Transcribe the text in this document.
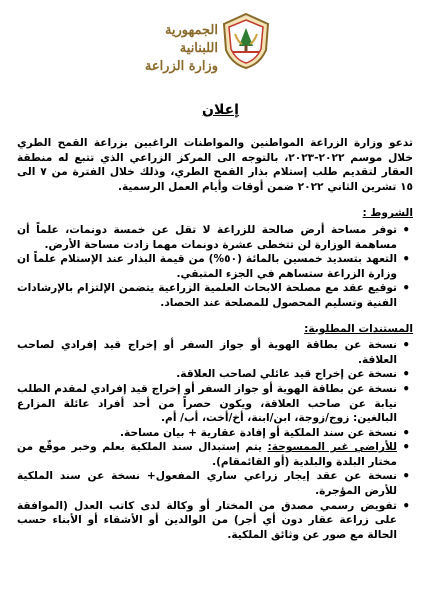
الجمهورية اللبنانية
وزارة الزراعة
إعلان

تدعو وزارة الزراعة المواطنين والمواطنات الراغبين بزراعة القمح الطري خلال موسم ٢٠٢٢-٢٠٢٣، بالتوجه الى المركز الزراعي الذي تتبع له منطقة العقار لتقديم طلب إستلام بذار القمح الطري، وذلك خلال الفترة من ٧ الى ١٥ تشرين الثاني ٢٠٢٢ ضمن أوقات وأيام العمل الرسمية.

الشروط :
• توفر مساحة أرض صالحة للزراعة لا تقل عن خمسة دونمات، علماً أن مساهمة الوزارة لن تتخطى عشرة دونمات مهما زادت مساحة الأرض.
• التعهد بتسديد خمسين بالمائة (٥٠%) من قيمة البذار عند الإستلام علماً ان وزارة الزراعة ستساهم في الجزء المتبقي.
• توقيع عقد مع مصلحة الابحاث العلمية الزراعية يتضمن الإلتزام بالإرشادات الفنية وتسليم المحصول للمصلحة عند الحصاد.
المستندات المطلوبة:
• نسخة عن بطاقة الهوية أو جواز السفر أو إخراج قيد إفرادي لصاحب العلاقة.
• نسخة عن إخراج قيد عائلي لصاحب العلاقة.
• نسخة عن بطاقة الهوية أو جواز السفر أو إخراج قيد إفرادي لمقدم الطلب نيابة عن صاحب العلاقة، ويكون حصراً من أحد أفراد عائلة المزارع البالغين: زوج/زوجة، ابن/ابنة، أخ/أخت، أب/ أم.
• نسخة عن سند الملكية أو إفادة عقارية + بيان مساحة.
• للأراضي غير الممسوحة: يتم إستبدال سند الملكية بعلم وخبر موقّع من مختار البلدة والبلدية (أو القائمقام).
• نسخة عن عقد إيجار زراعي ساري المفعول+ نسخة عن سند الملكية للأرض المؤجرة.
• تفويض رسمي مصدق من المختار أو وكالة لدى كاتب العدل (الموافقة على زراعة عقار دون أي أجر) من الوالدين أو الأشقاء أو الأبناء حسب الحالة مع صور عن وثائق الملكية.
